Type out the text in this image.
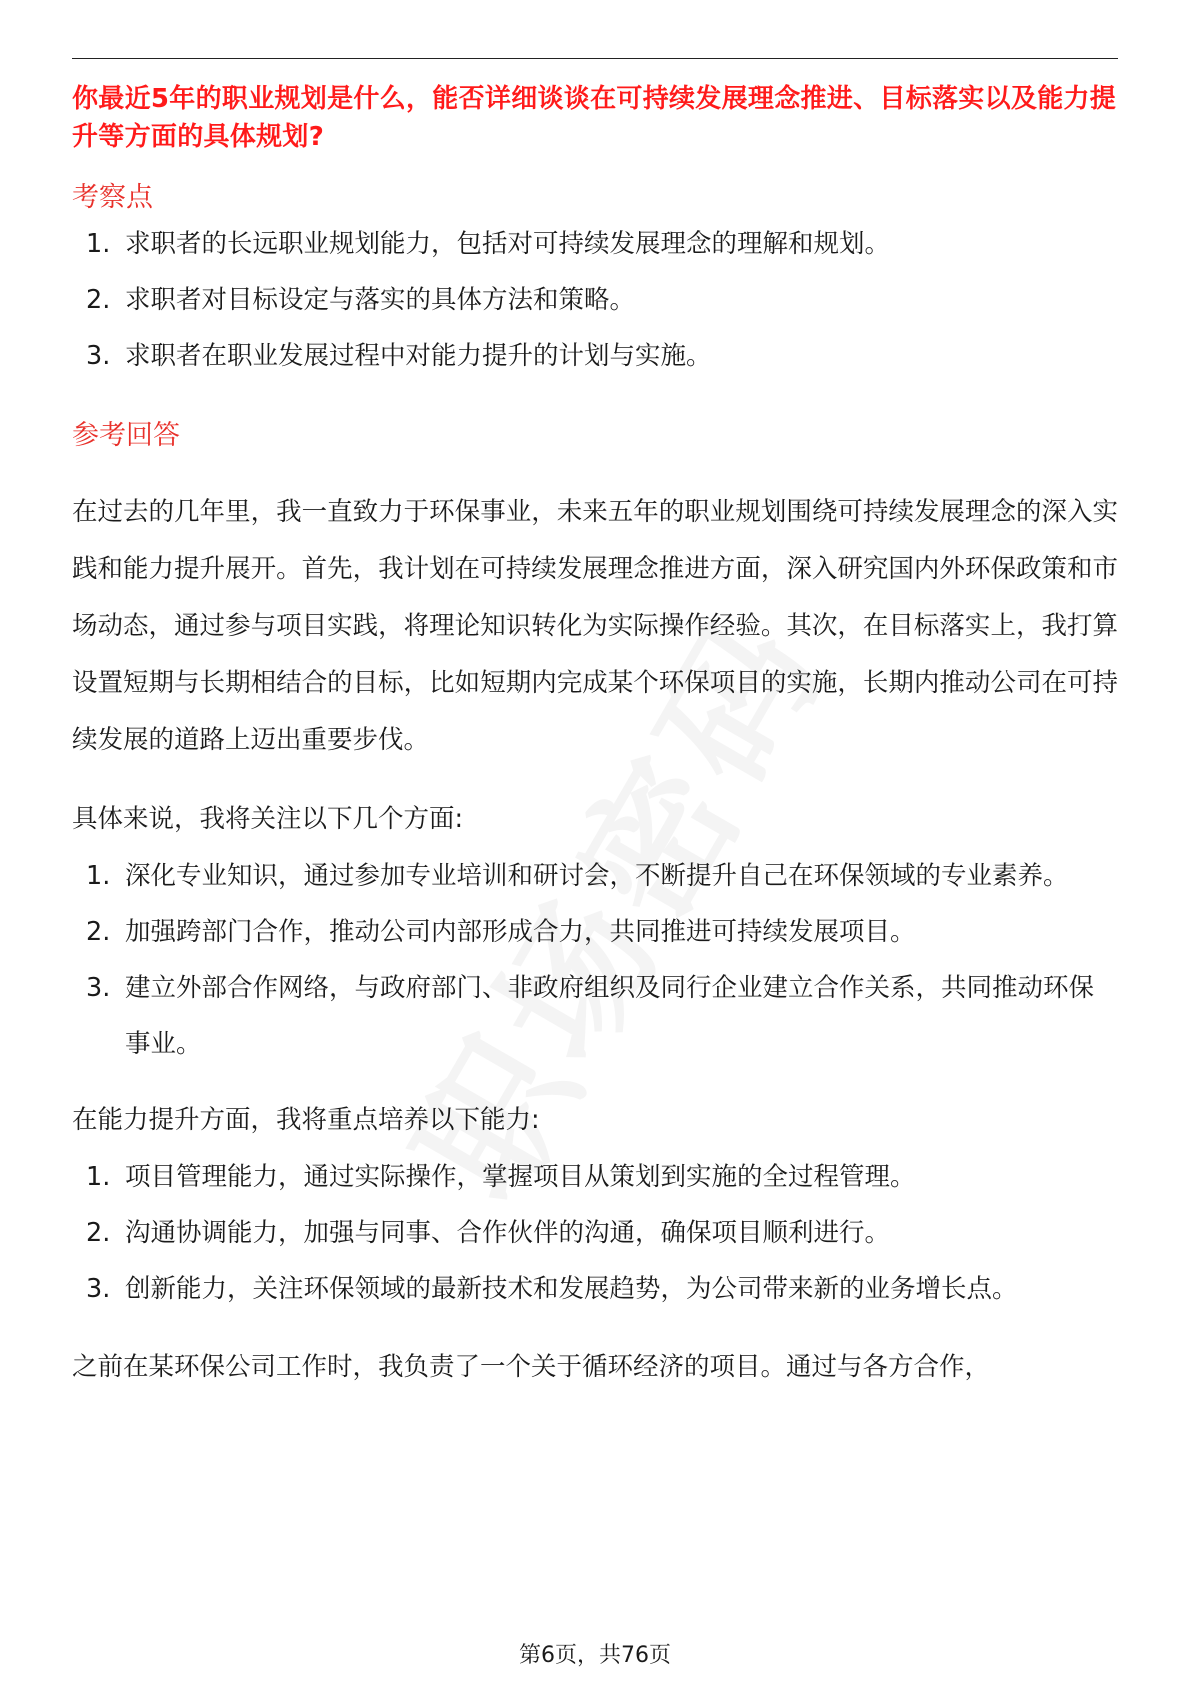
你最近5年的职业规划是什么，能否详细谈谈在可持续发展理念推进、目标落实以及能力提升等方面的具体规划?

考察点

1. 求职者的长远职业规划能力，包括对可持续发展理念的理解和规划。
2. 求职者对目标设定与落实的具体方法和策略。
3. 求职者在职业发展过程中对能力提升的计划与实施。

参考回答

在过去的几年里，我一直致力于环保事业，未来五年的职业规划围绕可持续发展理念的深入实践和能力提升展开。首先，我计划在可持续发展理念推进方面，深入研究国内外环保政策和市场动态，通过参与项目实践，将理论知识转化为实际操作经验。其次，在目标落实上，我打算设置短期与长期相结合的目标，比如短期内完成某个环保项目的实施，长期内推动公司在可持续发展的道路上迈出重要步伐。

具体来说，我将关注以下几个方面:

1. 深化专业知识，通过参加专业培训和研讨会，不断提升自己在环保领域的专业素养。
2. 加强跨部门合作，推动公司内部形成合力，共同推进可持续发展项目。
3. 建立外部合作网络，与政府部门、非政府组织及同行企业建立合作关系，共同推动环保事业。

在能力提升方面，我将重点培养以下能力:

1. 项目管理能力，通过实际操作，掌握项目从策划到实施的全过程管理。
2. 沟通协调能力，加强与同事、合作伙伴的沟通，确保项目顺利进行。
3. 创新能力，关注环保领域的最新技术和发展趋势，为公司带来新的业务增长点。

之前在某环保公司工作时，我负责了一个关于循环经济的项目。通过与各方合作，

第6页，共76页
